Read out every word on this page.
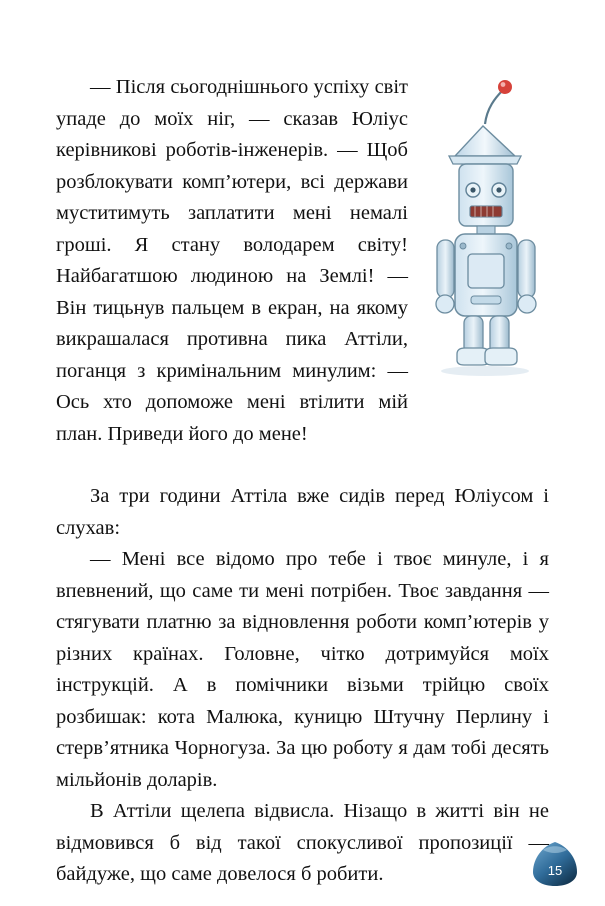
— Після сьогоднішнього успіху світ упаде до моїх ніг, — сказав Юліус керівникові роботів-інженерів. — Щоб розблокувати комп’ютери, всі держави муститимуть заплатити мені немалі гроші. Я стану володарем світу! Найбагатшою людиною на Землі! — Він тицьнув пальцем в екран, на якому викрашалася противна пика Аттіли, поганця з кримінальним минулим: — Ось хто допоможе мені втілити мій план. Приведи його до мене!

За три години Аттіла вже сидів перед Юліусом і слухав:

— Мені все відомо про тебе і твоє минуле, і я впевнений, що саме ти мені потрібен. Твоє завдання — стягувати платню за відновлення роботи комп’ютерів у різних країнах. Головне, чітко дотримуйся моїх інструкцій. А в помічники візьми трійцю своїх розбишак: кота Малюка, куницю Штучну Перлину і стерв’ятника Чорногуза. За цю роботу я дам тобі десять мільйонів доларів.

В Аттіли щелепа відвисла. Нізащо в житті він не відмовився б від такої спокусливої пропозиції — байдуже, що саме довелося б робити.	15
